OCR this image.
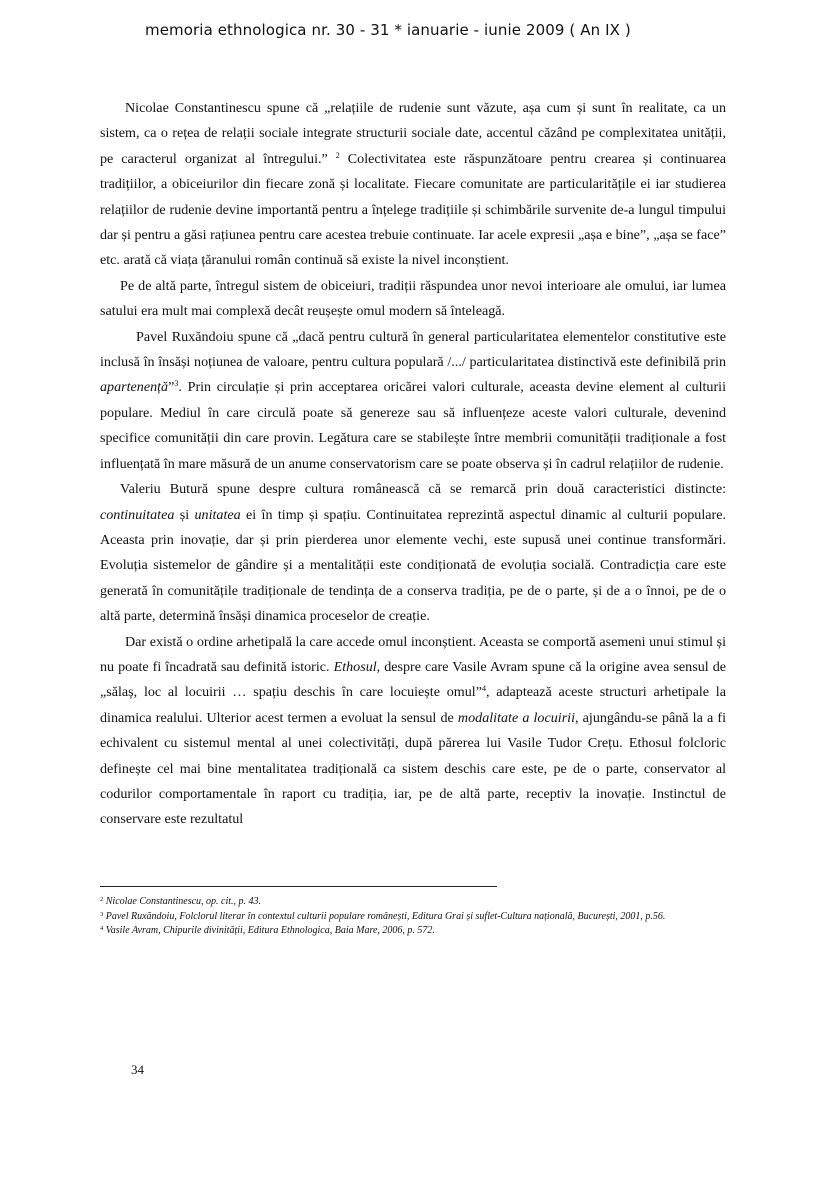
memoria ethnologica nr. 30 - 31 * ianuarie - iunie 2009 ( An IX )

Nicolae Constantinescu spune că „relațiile de rudenie sunt văzute, așa cum și sunt în realitate, ca un sistem, ca o rețea de relații sociale integrate structurii sociale date, accentul căzând pe complexitatea unității, pe caracterul organizat al întregului.” $^2$ Colectivitatea este răspunzătoare pentru crearea și continuarea tradițiilor, a obiceiurilor din fiecare zonă și localitate. Fiecare comunitate are particularitățile ei iar studierea relațiilor de rudenie devine importantă pentru a înțelege tradițiile și schimbările survenite de-a lungul timpului dar și pentru a găsi rațiunea pentru care acestea trebuie continuate. Iar acele expresii „așa e bine”, „așa se face” etc. arată că viața țăranului român continuă să existe la nivel inconștient.

Pe de altă parte, întregul sistem de obiceiuri, tradiții răspundea unor nevoi interioare ale omului, iar lumea satului era mult mai complexă decât reușește omul modern să înteleagă.

Pavel Ruxăndoiu spune că „dacă pentru cultură în general particularitatea elementelor constitutive este inclusă în însăși noțiunea de valoare, pentru cultura populară /.../ particularitatea distinctivă este definibilă prin apartenență”$^3$. Prin circulație și prin acceptarea oricărei valori culturale, aceasta devine element al culturii populare. Mediul în care circulă poate să genereze sau să influențeze aceste valori culturale, devenind specifice comunității din care provin. Legătura care se stabilește între membrii comunității tradiționale a fost influențată în mare măsură de un anume conservatorism care se poate observa și în cadrul relațiilor de rudenie.

Valeriu Butură spune despre cultura românească că se remarcă prin două caracteristici distincte: continuitatea și unitatea ei în timp și spațiu. Continuitatea reprezintă aspectul dinamic al culturii populare. Aceasta prin inovație, dar și prin pierderea unor elemente vechi, este supusă unei continue transformări. Evoluția sistemelor de gândire și a mentalității este condiționată de evoluția socială. Contradicția care este generată în comunitățile tradiționale de tendința de a conserva tradiția, pe de o parte, și de a o înnoi, pe de o altă parte, determină însăși dinamica proceselor de creație.

Dar există o ordine arhetipală la care accede omul inconștient. Aceasta se comportă asemeni unui stimul și nu poate fi încadrată sau definită istoric. Ethosul, despre care Vasile Avram spune că la origine avea sensul de „sălaș, loc al locuirii … spațiu deschis în care locuiește omul”$^4$, adaptează aceste structuri arhetipale la dinamica realului. Ulterior acest termen a evoluat la sensul de modalitate a locuirii, ajungându-se până la a fi echivalent cu sistemul mental al unei colectivități, după părerea lui Vasile Tudor Crețu. Ethosul folcloric definește cel mai bine mentalitatea tradițională ca sistem deschis care este, pe de o parte, conservator al codurilor comportamentale în raport cu tradiția, iar, pe de altă parte, receptiv la inovație. Instinctul de conservare este rezultatul

$^2$ Nicolae Constantinescu, op. cit., p. 43.

$^3$ Pavel Ruxăndoiu, Folclorul literar în contextul culturii populare românești, Editura Grai și suflet-Cultura națională, București, 2001, p.56.

$^4$ Vasile Avram, Chipurile divinității, Editura Ethnologica, Baia Mare, 2006, p. 572.

34
